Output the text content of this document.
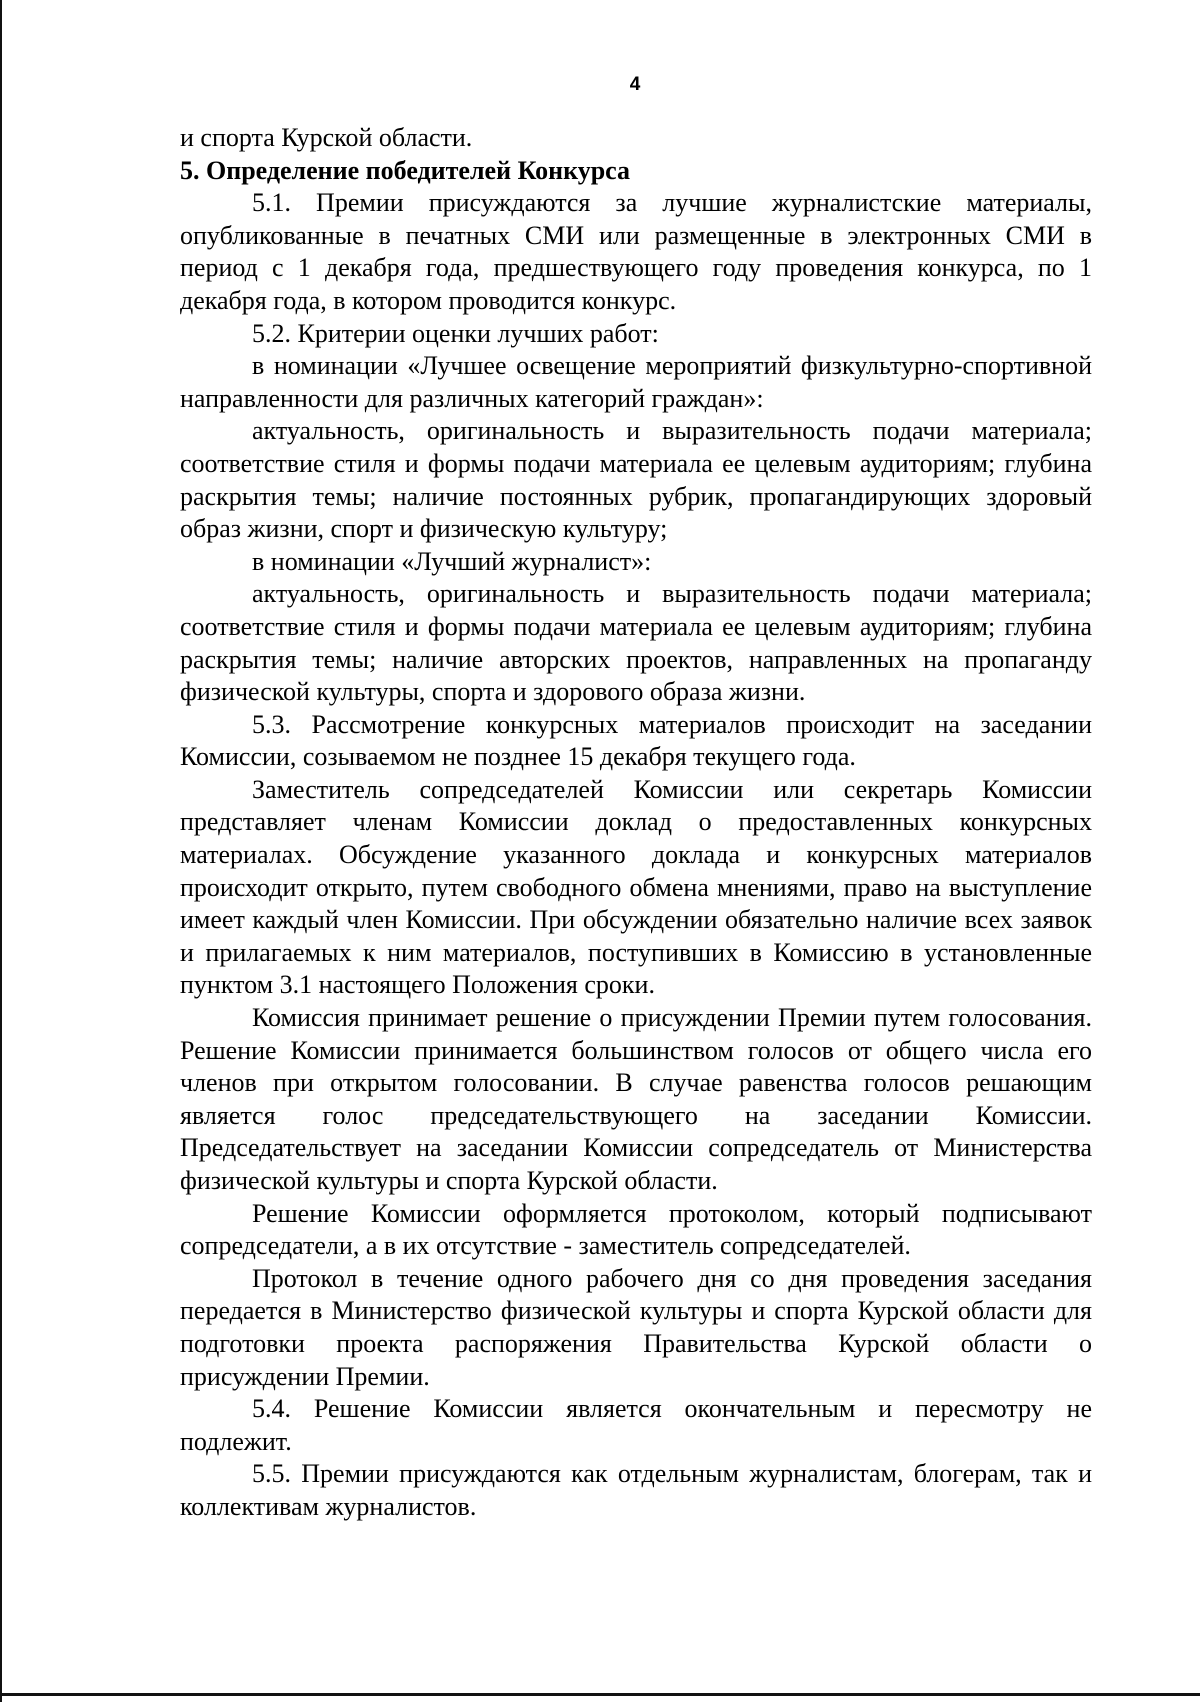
4

и спорта Курской области.

5. Определение победителей Конкурса

5.1. Премии присуждаются за лучшие журналистские материалы, опубликованные в печатных СМИ или размещенные в электронных СМИ в период с 1 декабря года, предшествующего году проведения конкурса, по 1 декабря года, в котором проводится конкурс.

5.2. Критерии оценки лучших работ:

в номинации «Лучшее освещение мероприятий физкультурно-спортивной направленности для различных категорий граждан»:

актуальность, оригинальность и выразительность подачи материала; соответствие стиля и формы подачи материала ее целевым аудиториям; глубина раскрытия темы; наличие постоянных рубрик, пропагандирующих здоровый образ жизни, спорт и физическую культуру;

в номинации «Лучший журналист»:

актуальность, оригинальность и выразительность подачи материала; соответствие стиля и формы подачи материала ее целевым аудиториям; глубина раскрытия темы; наличие авторских проектов, направленных на пропаганду физической культуры, спорта и здорового образа жизни.

5.3. Рассмотрение конкурсных материалов происходит на заседании Комиссии, созываемом не позднее 15 декабря текущего года.

Заместитель сопредседателей Комиссии или секретарь Комиссии представляет членам Комиссии доклад о предоставленных конкурсных материалах. Обсуждение указанного доклада и конкурсных материалов происходит открыто, путем свободного обмена мнениями, право на выступление имеет каждый член Комиссии. При обсуждении обязательно наличие всех заявок и прилагаемых к ним материалов, поступивших в Комиссию в установленные пунктом 3.1 настоящего Положения сроки.

Комиссия принимает решение о присуждении Премии путем голосования. Решение Комиссии принимается большинством голосов от общего числа его членов при открытом голосовании. В случае равенства голосов решающим является голос председательствующего на заседании Комиссии. Председательствует на заседании Комиссии сопредседатель от Министерства физической культуры и спорта Курской области.

Решение Комиссии оформляется протоколом, который подписывают сопредседатели, а в их отсутствие - заместитель сопредседателей.

Протокол в течение одного рабочего дня со дня проведения заседания передается в Министерство физической культуры и спорта Курской области для подготовки проекта распоряжения Правительства Курской области о присуждении Премии.

5.4. Решение Комиссии является окончательным и пересмотру не подлежит.

5.5. Премии присуждаются как отдельным журналистам, блогерам, так и коллективам журналистов.
